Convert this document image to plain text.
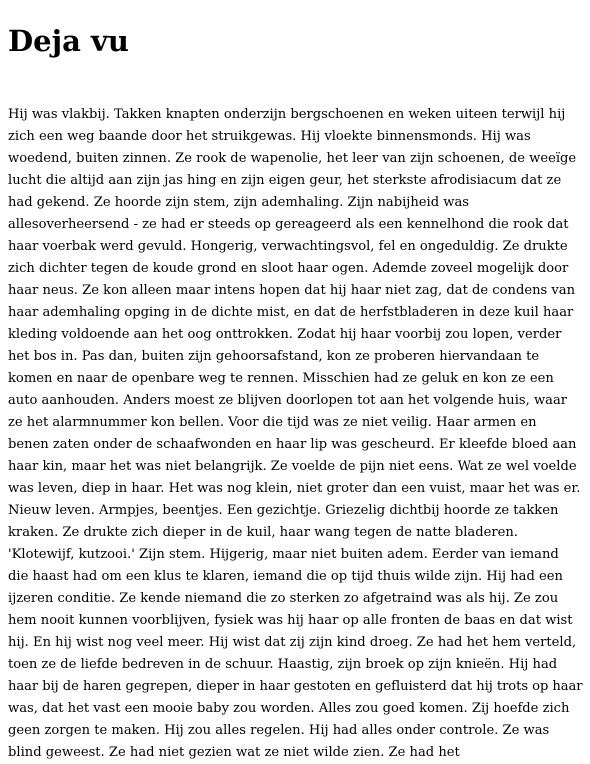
Deja vu
Hij was vlakbij. Takken knapten onderzijn bergschoenen en weken uiteen terwijl hij
zich een weg baande door het struikgewas. Hij vloekte binnensmonds. Hij was
woedend, buiten zinnen. Ze rook de wapenolie, het leer van zijn schoenen, de weeïge
lucht die altijd aan zijn jas hing en zijn eigen geur, het sterkste afrodisiacum dat ze
had gekend. Ze hoorde zijn stem, zijn ademhaling. Zijn nabijheid was
allesoverheersend - ze had er steeds op gereageerd als een kennelhond die rook dat
haar voerbak werd gevuld. Hongerig, verwachtingsvol, fel en ongeduldig. Ze drukte
zich dichter tegen de koude grond en sloot haar ogen. Ademde zoveel mogelijk door
haar neus. Ze kon alleen maar intens hopen dat hij haar niet zag, dat de condens van
haar ademhaling opging in de dichte mist, en dat de herfstbladeren in deze kuil haar
kleding voldoende aan het oog onttrokken. Zodat hij haar voorbij zou lopen, verder
het bos in. Pas dan, buiten zijn gehoorsafstand, kon ze proberen hiervandaan te
komen en naar de openbare weg te rennen. Misschien had ze geluk en kon ze een
auto aanhouden. Anders moest ze blijven doorlopen tot aan het volgende huis, waar
ze het alarmnummer kon bellen. Voor die tijd was ze niet veilig. Haar armen en
benen zaten onder de schaafwonden en haar lip was gescheurd. Er kleefde bloed aan
haar kin, maar het was niet belangrijk. Ze voelde de pijn niet eens. Wat ze wel voelde
was leven, diep in haar. Het was nog klein, niet groter dan een vuist, maar het was er.
Nieuw leven. Armpjes, beentjes. Een gezichtje. Griezelig dichtbij hoorde ze takken
kraken. Ze drukte zich dieper in de kuil, haar wang tegen de natte bladeren.
'Klotewijf, kutzooi.' Zijn stem. Hijgerig, maar niet buiten adem. Eerder van iemand
die haast had om een klus te klaren, iemand die op tijd thuis wilde zijn. Hij had een
ijzeren conditie. Ze kende niemand die zo sterken zo afgetraind was als hij. Ze zou
hem nooit kunnen voorblijven, fysiek was hij haar op alle fronten de baas en dat wist
hij. En hij wist nog veel meer. Hij wist dat zij zijn kind droeg. Ze had het hem verteld,
toen ze de liefde bedreven in de schuur. Haastig, zijn broek op zijn knieën. Hij had
haar bij de haren gegrepen, dieper in haar gestoten en gefluisterd dat hij trots op haar
was, dat het vast een mooie baby zou worden. Alles zou goed komen. Zij hoefde zich
geen zorgen te maken. Hij zou alles regelen. Hij had alles onder controle. Ze was
blind geweest. Ze had niet gezien wat ze niet wilde zien. Ze had het
